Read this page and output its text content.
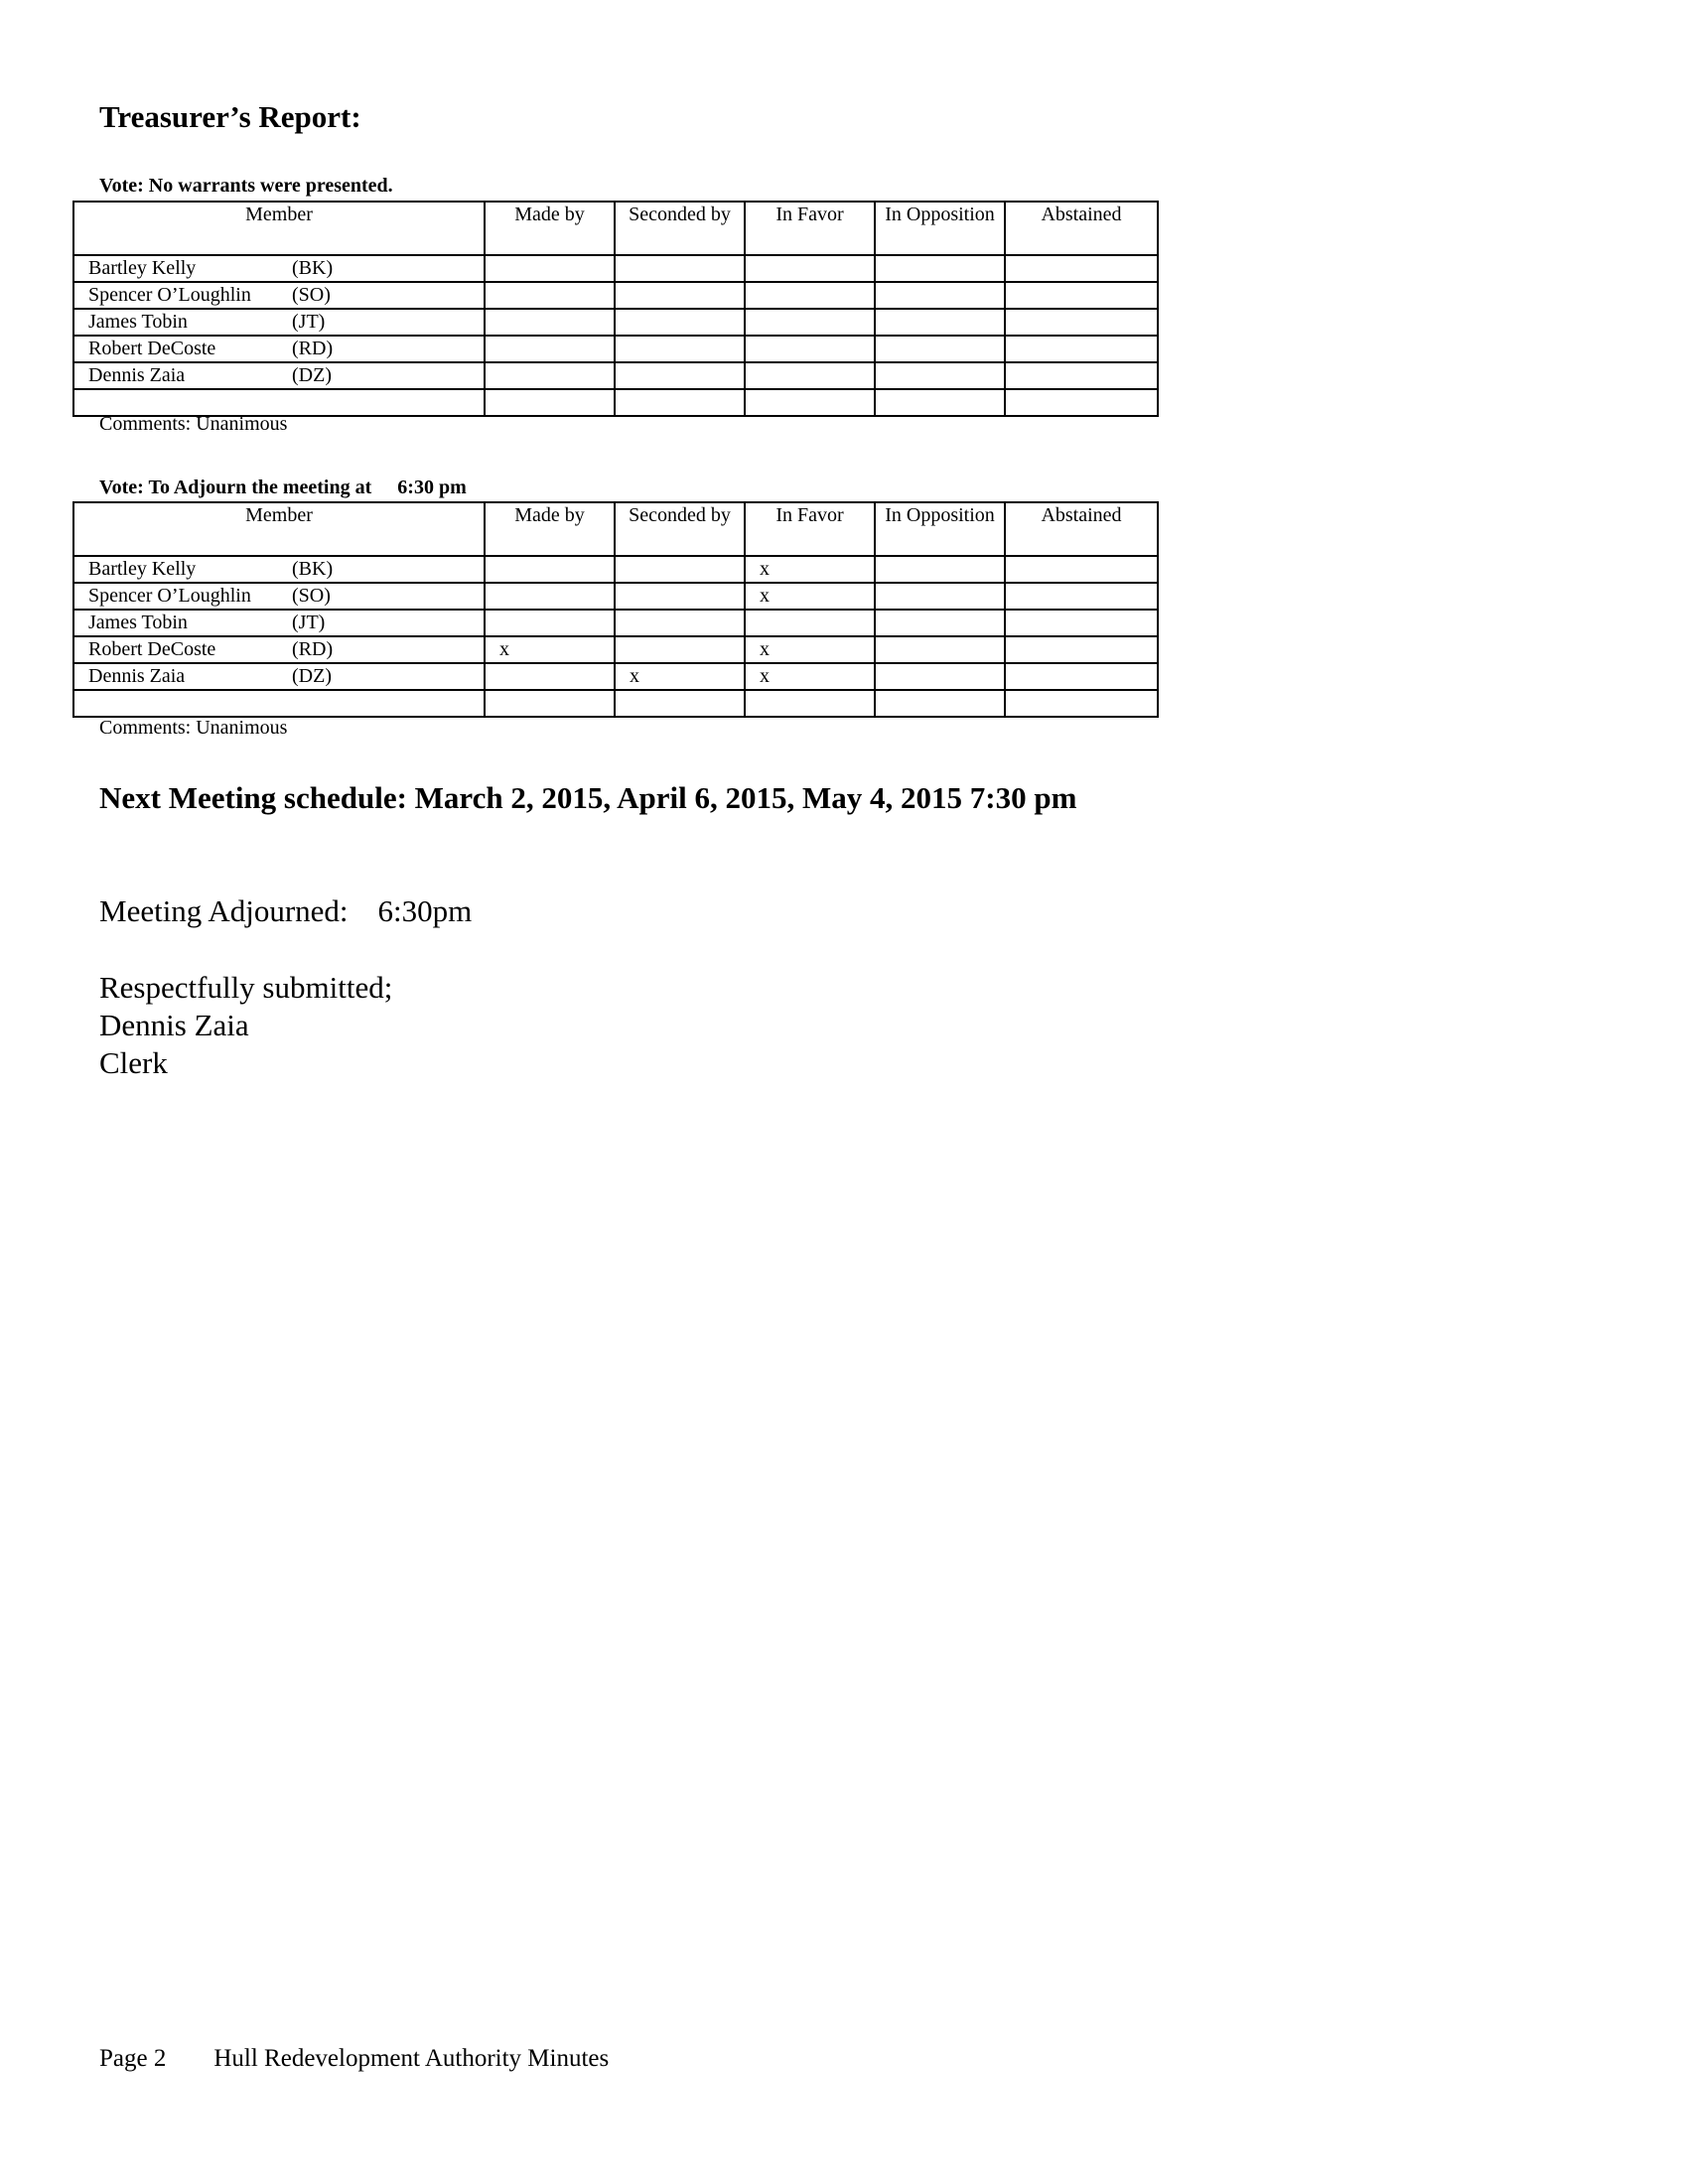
Treasurer’s Report:
Vote: No warrants were presented.
Member	Made by	Seconded by	In Favor	In Opposition	Abstained
Bartley Kelly (BK)					
Spencer O’Loughlin (SO)					
James Tobin (JT)					
Robert DeCoste (RD)					
Dennis Zaia (DZ)					

Comments: Unanimous
Vote: To Adjourn the meeting at 6:30 pm
Member	Made by	Seconded by	In Favor	In Opposition	Abstained
Bartley Kelly (BK)			x		
Spencer O’Loughlin (SO)			x		
James Tobin (JT)					
Robert DeCoste (RD)	x		x		
Dennis Zaia (DZ)		x	x		

Comments: Unanimous
Next Meeting schedule: March 2, 2015, April 6, 2015, May 4, 2015 7:30 pm
Meeting Adjourned: 6:30pm
Respectfully submitted;
Dennis Zaia
Clerk
Page 2 Hull Redevelopment Authority Minutes
